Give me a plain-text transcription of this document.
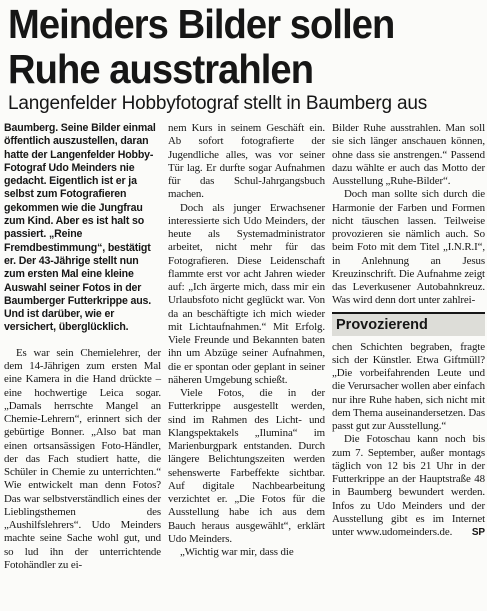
Meinders Bilder sollen
Ruhe ausstrahlen
Langenfelder Hobbyfotograf stellt in Baumberg aus

Baumberg. Seine Bilder einmal öffentlich auszustellen, daran hatte der Langenfelder Hobby-Fotograf Udo Meinders nie gedacht. Eigentlich ist er ja selbst zum Fotografieren gekommen wie die Jungfrau zum Kind. Aber es ist halt so passiert. „Reine Fremdbestimmung“, bestätigt er. Der 43-Jährige stellt nun zum ersten Mal eine kleine Auswahl seiner Fotos in der Baumberger Futterkrippe aus. Und ist darüber, wie er versichert, überglücklich.

Es war sein Chemielehrer, der dem 14-Jährigen zum ersten Mal eine Kamera in die Hand drückte – eine hochwertige Leica sogar. „Damals herrschte Mangel an Chemie-Lehrern“, erinnert sich der gebürtige Bonner. „Also bat man einen ortsansässigen Foto-Händler, der das Fach studiert hatte, die Schüler in Chemie zu unterrichten.“ Wie entwickelt man denn Fotos? Das war selbstverständlich eines der Lieblingsthemen des „Aushilfslehrers“. Udo Meinders machte seine Sache wohl gut, und so lud ihn der unterrichtende Fotohändler zu ei-

nem Kurs in seinem Geschäft ein. Ab sofort fotografierte der Jugendliche alles, was vor seiner Tür lag. Er durfte sogar Aufnahmen für das Schul-Jahrgangsbuch machen.

Doch als junger Erwachsener interessierte sich Udo Meinders, der heute als Systemadministrator arbeitet, nicht mehr für das Fotografieren. Diese Leidenschaft flammte erst vor acht Jahren wieder auf: „Ich ärgerte mich, dass mir ein Urlaubsfoto nicht geglückt war. Von da an beschäftigte ich mich wieder mit Lichtaufnahmen.“ Mit Erfolg. Viele Freunde und Bekannten baten ihn um Abzüge seiner Aufnahmen, die er spontan oder geplant in seiner näheren Umgebung schießt.

Viele Fotos, die in der Futterkrippe ausgestellt werden, sind im Rahmen des Licht- und Klangspektakels „Ilumina“ im Marienburgpark entstanden. Durch längere Belichtungszeiten werden sehenswerte Farbeffekte sichtbar. Auf digitale Nachbearbeitung verzichtet er. „Die Fotos für die Ausstellung habe ich aus dem Bauch heraus ausgewählt“, erklärt Udo Meinders.

„Wichtig war mir, dass die

Bilder Ruhe ausstrahlen. Man soll sie sich länger anschauen können, ohne dass sie anstrengen.“ Passend dazu wählte er auch das Motto der Ausstellung „Ruhe-Bilder“.

Doch man sollte sich durch die Harmonie der Farben und Formen nicht täuschen lassen. Teilweise provozieren sie nämlich auch. So beim Foto mit dem Titel „I.N.R.I“, in Anlehnung an Jesus Kreuzinschrift. Die Aufnahme zeigt das Leverkusener Autobahnkreuz. Was wird denn dort unter zahlrei-

Provozierend

chen Schichten begraben, fragte sich der Künstler. Etwa Giftmüll? „Die vorbeifahrenden Leute und die Verursacher wollen aber einfach nur ihre Ruhe haben, sich nicht mit dem Thema auseinandersetzen. Das passt gut zur Ausstellung.“

Die Fotoschau kann noch bis zum 7. September, außer montags täglich von 12 bis 21 Uhr in der Futterkrippe an der Hauptstraße 48 in Baumberg bewundert werden. Infos zu Udo Meinders und der Ausstellung gibt es im Internet unter www.udomeinders.de.	SP
